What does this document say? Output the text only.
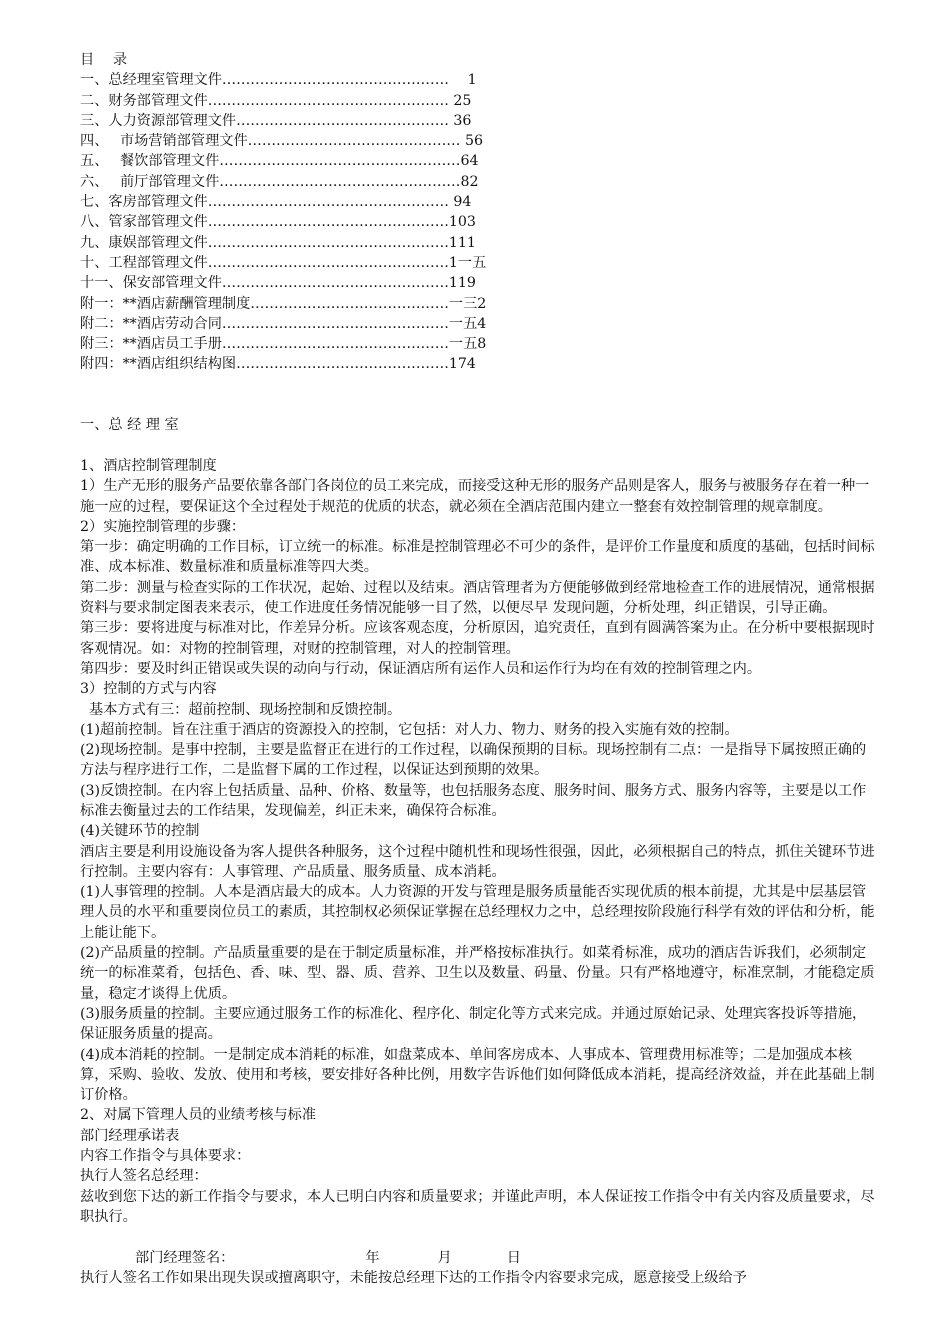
目　 录
一、总经理室管理文件…………………………………………　 1
二、财务部管理文件…………………………………………… 25
三、人力资源部管理文件……………………………………… 36
四、　 市场营销部管理文件……………………………………… 56
五、　 餐饮部管理文件……………………………………………64
六、　 前厅部管理文件……………………………………………82
七、客房部管理文件…………………………………………… 94
八、管家部管理文件……………………………………………103
九、康娱部管理文件……………………………………………111
十、工程部管理文件……………………………………………1一五
十一、保安部管理文件…………………………………………119
附一：**酒店薪酬管理制度……………………………………一三2
附二：**酒店劳动合同…………………………………………一五4
附三：**酒店员工手册…………………………………………一五8
附四：**酒店组织结构图………………………………………174
一、总 经 理 室
1、酒店控制管理制度
1）生产无形的服务产品要依靠各部门各岗位的员工来完成，而接受这种无形的服务产品则是客人，服务与被服务存在着一种一施一应的过程，要保证这个全过程处于规范的优质的状态，就必须在全酒店范围内建立一整套有效控制管理的规章制度。
2）实施控制管理的步骤：
第一步：确定明确的工作目标，订立统一的标准。标准是控制管理必不可少的条件，是评价工作量度和质度的基础，包括时间标准、成本标准、数量标准和质量标准等四大类。
第二步：测量与检查实际的工作状况，起始、过程以及结束。酒店管理者为方便能够做到经常地检查工作的进展情况，通常根据资料与要求制定图表来表示，使工作进度任务情况能够一目了然，以便尽早 发现问题，分析处理，纠正错误，引导正确。
第三步：要将进度与标准对比，作差异分析。应该客观态度，分析原因，追究责任，直到有圆满答案为止。在分析中要根据现时客观情况。如：对物的控制管理，对财的控制管理，对人的控制管理。
第四步：要及时纠正错误或失误的动向与行动，保证酒店所有运作人员和运作行为均在有效的控制管理之内。
3）控制的方式与内容
基本方式有三：超前控制、现场控制和反馈控制。
(1)超前控制。旨在注重于酒店的资源投入的控制，它包括：对人力、物力、财务的投入实施有效的控制。
(2)现场控制。是事中控制，主要是监督正在进行的工作过程，以确保预期的目标。现场控制有二点：一是指导下属按照正确的方法与程序进行工作，二是监督下属的工作过程，以保证达到预期的效果。
(3)反馈控制。在内容上包括质量、品种、价格、数量等，也包括服务态度、服务时间、服务方式、服务内容等，主要是以工作标准去衡量过去的工作结果，发现偏差，纠正未来，确保符合标准。
(4)关键环节的控制
酒店主要是利用设施设备为客人提供各种服务，这个过程中随机性和现场性很强，因此，必须根据自己的特点，抓住关键环节进行控制。主要内容有：人事管理、产品质量、服务质量、成本消耗。
(1)人事管理的控制。人本是酒店最大的成本。人力资源的开发与管理是服务质量能否实现优质的根本前提，尤其是中层基层管理人员的水平和重要岗位员工的素质，其控制权必须保证掌握在总经理权力之中，总经理按阶段施行科学有效的评估和分析，能上能让能下。
(2)产品质量的控制。产品质量重要的是在于制定质量标准，并严格按标准执行。如菜肴标准，成功的酒店告诉我们，必须制定统一的标准菜肴，包括色、香、味、型、器、质、营养、卫生以及数量、码量、份量。只有严格地遵守，标准烹制，才能稳定质量，稳定才谈得上优质。
(3)服务质量的控制。主要应通过服务工作的标准化、程序化、制定化等方式来完成。并通过原始记录、处理宾客投诉等措施，保证服务质量的提高。
(4)成本消耗的控制。一是制定成本消耗的标准，如盘菜成本、单间客房成本、人事成本、管理费用标准等；二是加强成本核算，采购、验收、发放、使用和考核，要安排好各种比例，用数字告诉他们如何降低成本消耗，提高经济效益，并在此基础上制订价格。
2、对属下管理人员的业绩考核与标准
部门经理承诺表
内容工作指令与具体要求：
执行人签名总经理：
兹收到您下达的新工作指令与要求，本人已明白内容和质量要求；并谨此声明，本人保证按工作指令中有关内容及质量要求，尽职执行。
部门经理签名：	年	月	日
执行人签名工作如果出现失误或擅离职守，未能按总经理下达的工作指令内容要求完成，愿意接受上级给予
